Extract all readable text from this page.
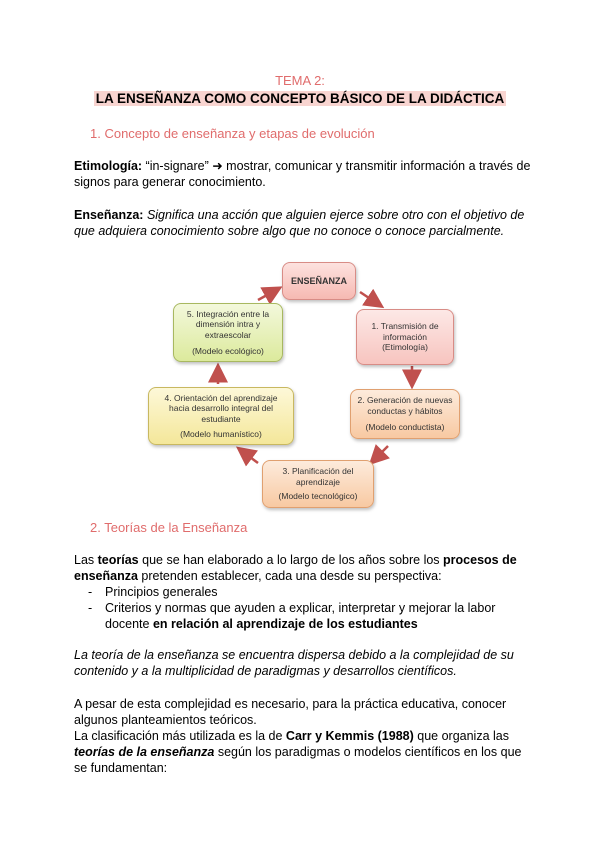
TEMA 2:
LA ENSEÑANZA COMO CONCEPTO BÁSICO DE LA DIDÁCTICA
1. Concepto de enseñanza y etapas de evolución
Etimología: “in-signare” ➜ mostrar, comunicar y transmitir información a través de signos para generar conocimiento.
Enseñanza: Significa una acción que alguien ejerce sobre otro con el objetivo de que adquiera conocimiento sobre algo que no conoce o conoce parcialmente.
ENSEÑANZA
1. Transmisión de información
(Etimología)
2. Generación de nuevas conductas y hábitos
(Modelo conductista)
3. Planificación del aprendizaje
(Modelo tecnológico)
4. Orientación del aprendizaje hacia desarrollo integral del estudiante
(Modelo humanístico)
5. Integración entre la dimensión intra y extraescolar
(Modelo ecológico)
2. Teorías de la Enseñanza
Las teorías que se han elaborado a lo largo de los años sobre los procesos de enseñanza pretenden establecer, cada una desde su perspectiva:
- Principios generales
- Criterios y normas que ayuden a explicar, interpretar y mejorar la labor docente en relación al aprendizaje de los estudiantes
La teoría de la enseñanza se encuentra dispersa debido a la complejidad de su contenido y a la multiplicidad de paradigmas y desarrollos científicos.
A pesar de esta complejidad es necesario, para la práctica educativa, conocer algunos planteamientos teóricos.
La clasificación más utilizada es la de Carr y Kemmis (1988) que organiza las teorías de la enseñanza según los paradigmas o modelos científicos en los que se fundamentan:
